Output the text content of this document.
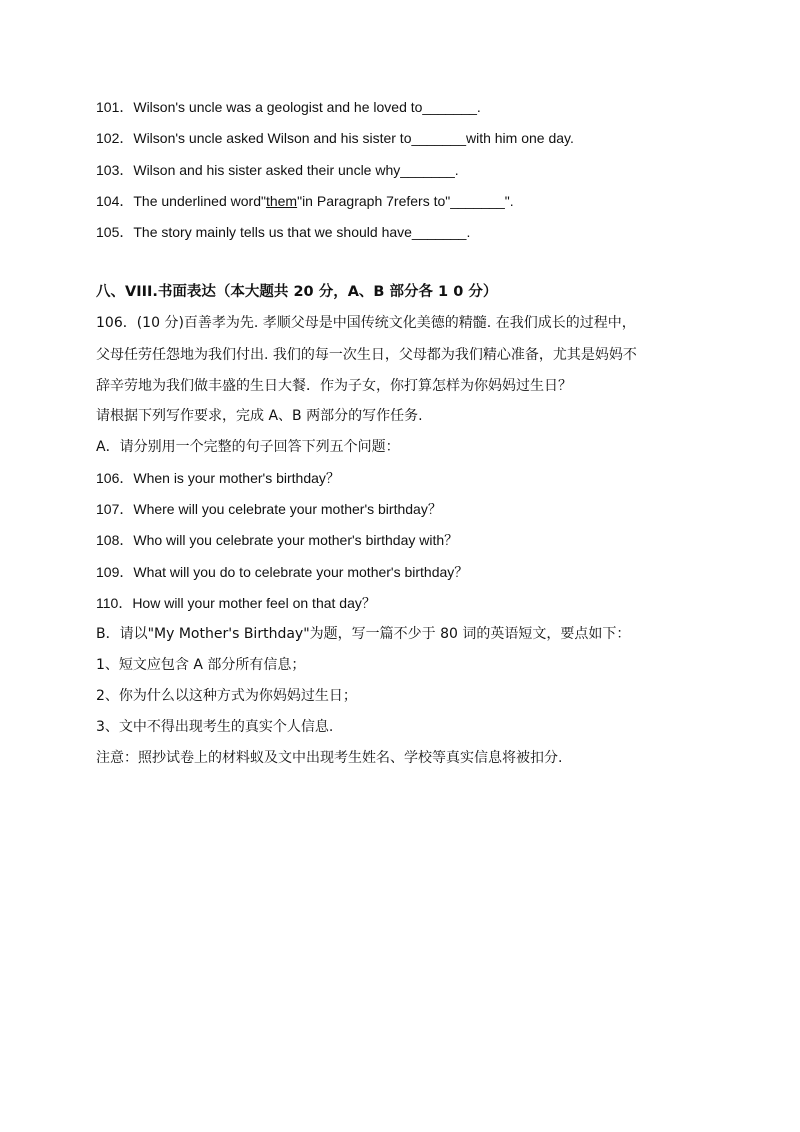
101．Wilson's uncle was a geologist and he loved to_______.
102．Wilson's uncle asked Wilson and his sister to_______with him one day.
103．Wilson and his sister asked their uncle why_______.
104．The underlined word"them"in Paragraph 7refers to"_______".
105．The story mainly tells us that we should have_______.
八、VIII.书面表达（本大题共 20 分，A、B 部分各 1 0 分）
106．(10 分)百善孝为先. 孝顺父母是中国传统文化美德的精髓. 在我们成长的过程中，
父母任劳任怨地为我们付出. 我们的每一次生日，父母都为我们精心准备，尤其是妈妈不
辞辛劳地为我们做丰盛的生日大餐．作为子女，你打算怎样为你妈妈过生日？
请根据下列写作要求，完成 A、B 两部分的写作任务.
A．请分别用一个完整的句子回答下列五个问题：
106．When is your mother's birthday？
107．Where will you celebrate your mother's birthday？
108．Who will you celebrate your mother's birthday with？
109．What will you do to celebrate your mother's birthday？
110．How will your mother feel on that day？
B．请以"My Mother's Birthday"为题，写一篇不少于 80 词的英语短文，要点如下：
1、短文应包含 A 部分所有信息；
2、你为什么以这种方式为你妈妈过生日；
3、文中不得出现考生的真实个人信息.
注意：照抄试卷上的材料蚁及文中出现考生姓名、学校等真实信息将被扣分.
